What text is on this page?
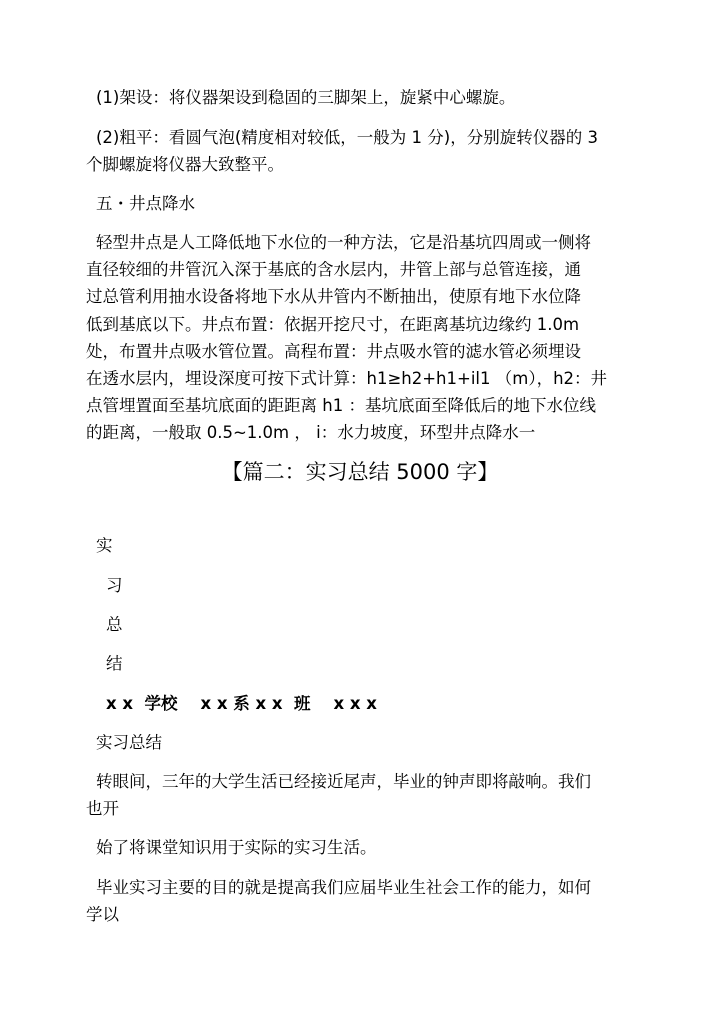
(1)架设：将仪器架设到稳固的三脚架上，旋紧中心螺旋。
(2)粗平：看圆气泡(精度相对较低，一般为 1 分)，分别旋转仪器的 3
个脚螺旋将仪器大致整平。
五・井点降水
轻型井点是人工降低地下水位的一种方法，它是沿基坑四周或一侧将
直径较细的井管沉入深于基底的含水层内，井管上部与总管连接，通
过总管利用抽水设备将地下水从井管内不断抽出，使原有地下水位降
低到基底以下。井点布置：依据开挖尺寸，在距离基坑边缘约 1.0m
处，布置井点吸水管位置。高程布置：井点吸水管的滤水管必须埋设
在透水层内，埋设深度可按下式计算：h1≥h2+h1+il1 （m），h2：井
点管埋置面至基坑底面的距距离 h1 ：基坑底面至降低后的地下水位线
的距离，一般取 0.5~1.0m ， i：水力坡度，环型井点降水一
【篇二：实习总结 5000 字】
实
习
总
结
x x  学校    x x 系 x x  班    x x x
实习总结
转眼间，三年的大学生活已经接近尾声，毕业的钟声即将敲响。我们
也开
始了将课堂知识用于实际的实习生活。
毕业实习主要的目的就是提高我们应届毕业生社会工作的能力，如何
学以
